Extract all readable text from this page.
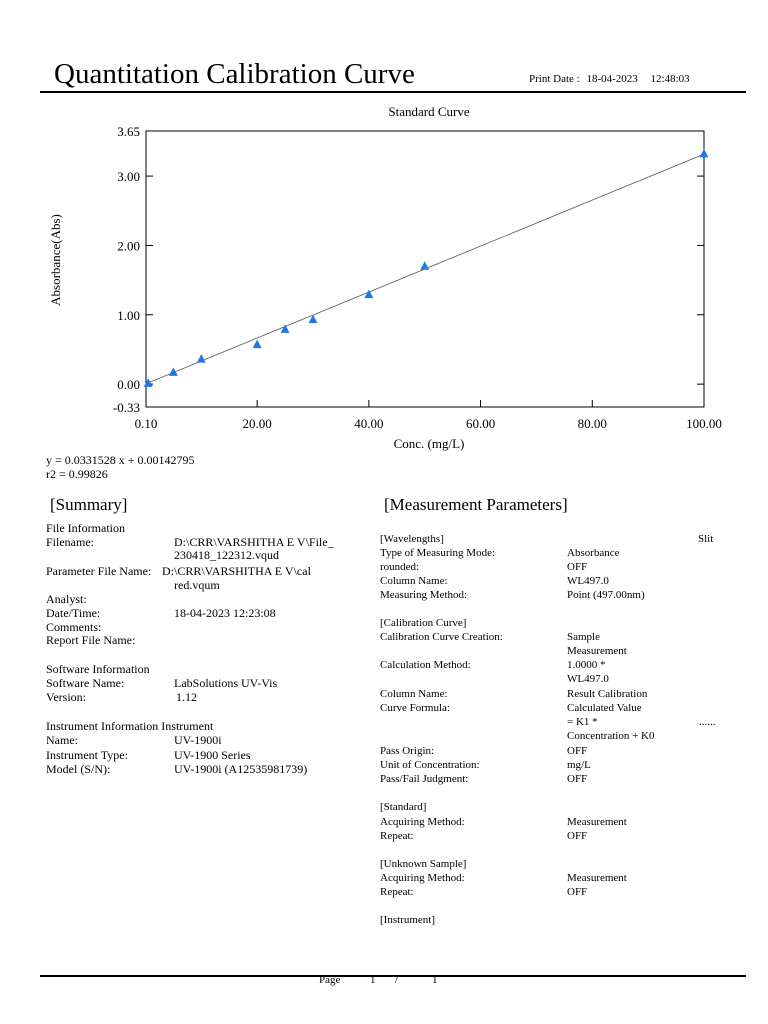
Quantitation Calibration Curve	Print Date : 18-04-2023 12:48:03
Standard Curve
3.65
3.00
2.00
1.00
0.00
-0.33
0.10	20.00	40.00	60.00	80.00	100.00
Conc. (mg/L)
Absorbance(Abs)
y = 0.0331528 x + 0.00142795
r2 = 0.99826
[Summary]
File Information
Filename:	D:\CRR\VARSHITHA E V\File_
230418_122312.vqud
Parameter File Name: D:\CRR\VARSHITHA E V\cal
red.vqum
Analyst:
Date/Time:	18-04-2023 12:23:08
Comments:
Report File Name:
Software Information
Software Name:	LabSolutions UV-Vis
Version:	1.12
Instrument Information Instrument
Name:	UV-1900i
Instrument Type:	UV-1900 Series
Model (S/N):	UV-1900i (A12535981739)
[Measurement Parameters]
[Wavelengths]	Slit
Type of Measuring Mode:	Absorbance
rounded:	OFF
Column Name:	WL497.0
Measuring Method:	Point (497.00nm)
[Calibration Curve]
Calibration Curve Creation:	Sample
Measurement
Calculation Method:	1.0000 *
WL497.0
Column Name:	Result Calibration
Curve Formula:	Calculated Value
= K1 *	......
Concentration + K0
Pass Origin:	OFF
Unit of Concentration:	mg/L
Pass/Fail Judgment:	OFF
[Standard]
Acquiring Method:	Measurement
Repeat:	OFF
[Unknown Sample]
Acquiring Method:	Measurement
Repeat:	OFF
[Instrument]
Page	1 /	1
